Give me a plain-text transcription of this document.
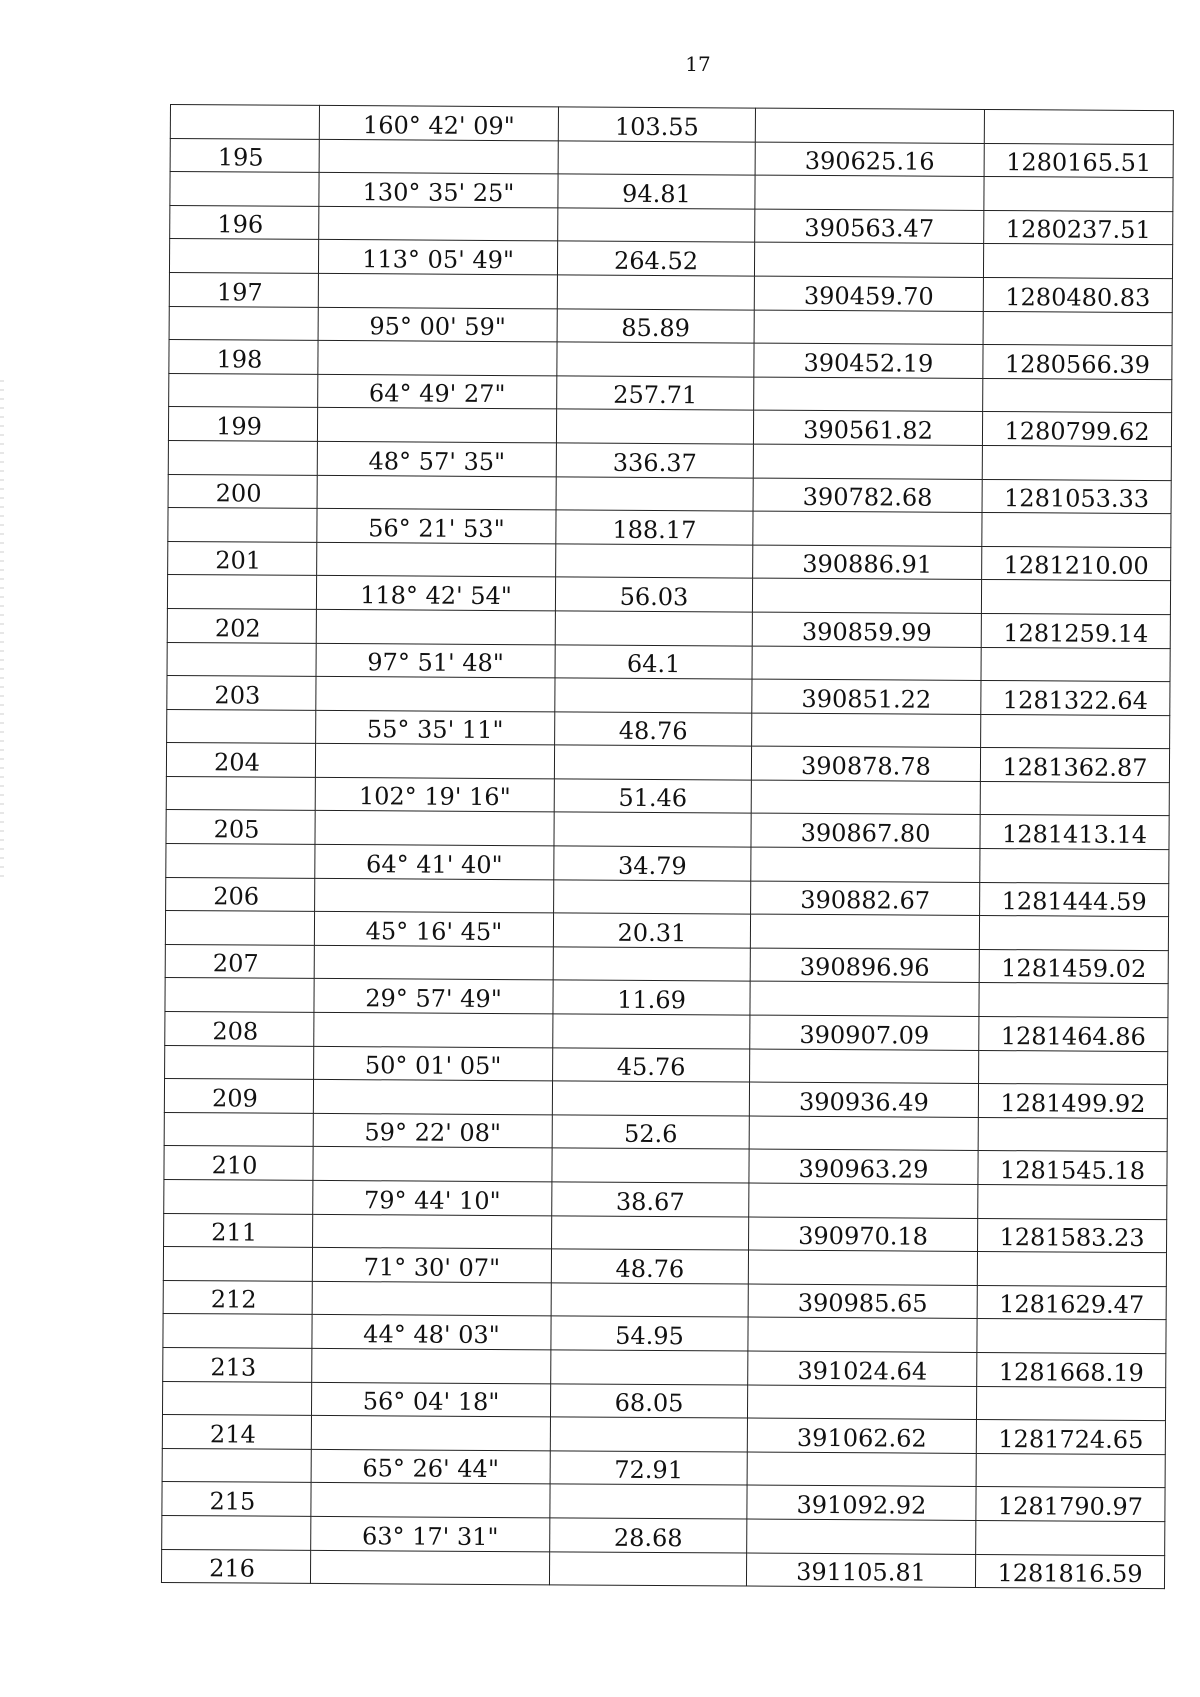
17
	160° 42' 09"	103.55		
195			390625.16	1280165.51
	130° 35' 25"	94.81		
196			390563.47	1280237.51
	113° 05' 49"	264.52		
197			390459.70	1280480.83
	95° 00' 59"	85.89		
198			390452.19	1280566.39
	64° 49' 27"	257.71		
199			390561.82	1280799.62
	48° 57' 35"	336.37		
200			390782.68	1281053.33
	56° 21' 53"	188.17		
201			390886.91	1281210.00
	118° 42' 54"	56.03		
202			390859.99	1281259.14
	97° 51' 48"	64.1		
203			390851.22	1281322.64
	55° 35' 11"	48.76		
204			390878.78	1281362.87
	102° 19' 16"	51.46		
205			390867.80	1281413.14
	64° 41' 40"	34.79		
206			390882.67	1281444.59
	45° 16' 45"	20.31		
207			390896.96	1281459.02
	29° 57' 49"	11.69		
208			390907.09	1281464.86
	50° 01' 05"	45.76		
209			390936.49	1281499.92
	59° 22' 08"	52.6		
210			390963.29	1281545.18
	79° 44' 10"	38.67		
211			390970.18	1281583.23
	71° 30' 07"	48.76		
212			390985.65	1281629.47
	44° 48' 03"	54.95		
213			391024.64	1281668.19
	56° 04' 18"	68.05		
214			391062.62	1281724.65
	65° 26' 44"	72.91		
215			391092.92	1281790.97
	63° 17' 31"	28.68		
216			391105.81	1281816.59
